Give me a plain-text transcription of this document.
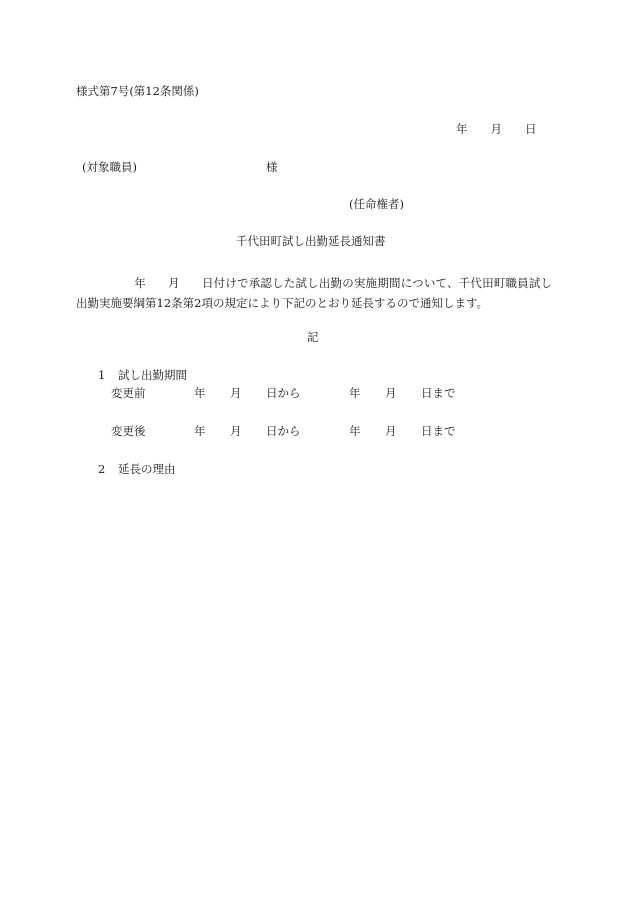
様式第7号(第12条関係)
年 月 日
(対象職員)	様
(任命権者)
千代田町試し出勤延長通知書
年 月 日付けで承認した試し出勤の実施期間について、千代田町職員試し出勤実施要綱第12条第2項の規定により下記のとおり延長するので通知します。
記
1 試し出勤期間
変更前	年 月 日から	年 月 日まで
変更後	年 月 日から	年 月 日まで
2 延長の理由
